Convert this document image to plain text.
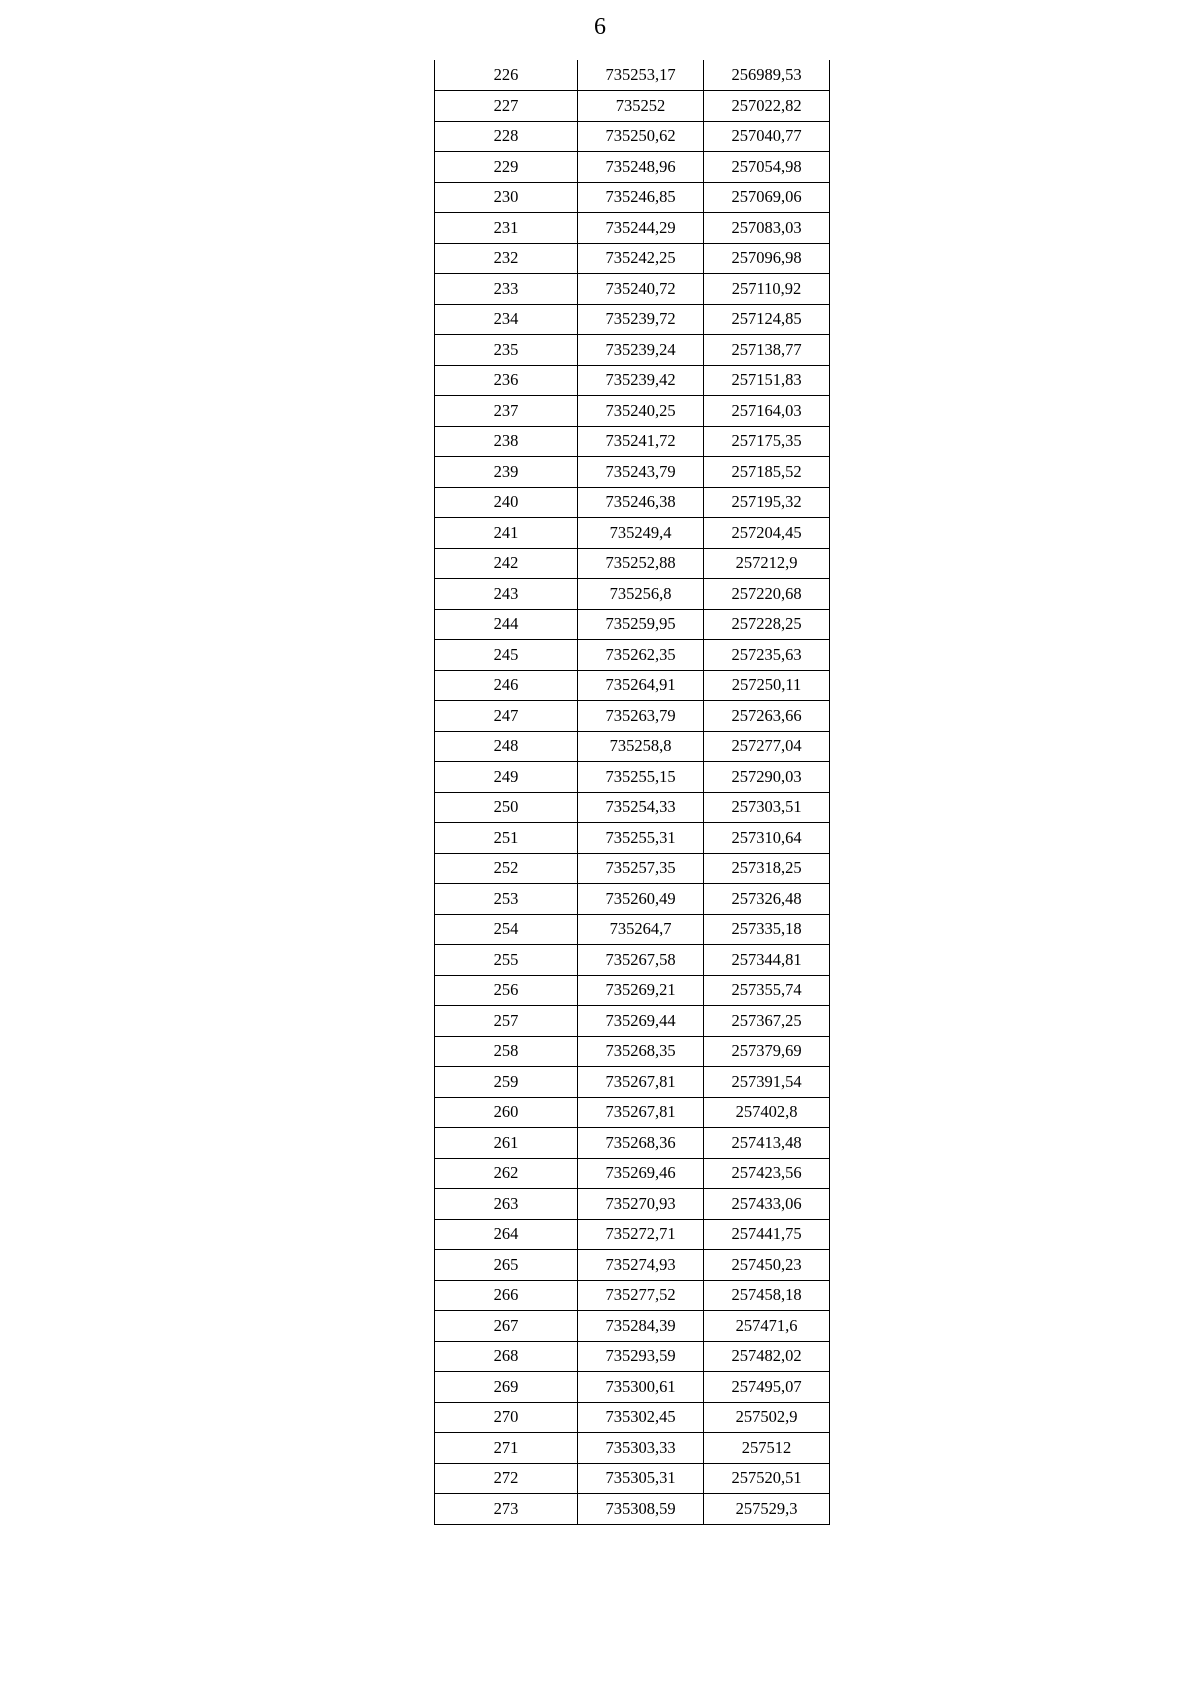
6
226	735253,17	256989,53
227	735252	257022,82
228	735250,62	257040,77
229	735248,96	257054,98
230	735246,85	257069,06
231	735244,29	257083,03
232	735242,25	257096,98
233	735240,72	257110,92
234	735239,72	257124,85
235	735239,24	257138,77
236	735239,42	257151,83
237	735240,25	257164,03
238	735241,72	257175,35
239	735243,79	257185,52
240	735246,38	257195,32
241	735249,4	257204,45
242	735252,88	257212,9
243	735256,8	257220,68
244	735259,95	257228,25
245	735262,35	257235,63
246	735264,91	257250,11
247	735263,79	257263,66
248	735258,8	257277,04
249	735255,15	257290,03
250	735254,33	257303,51
251	735255,31	257310,64
252	735257,35	257318,25
253	735260,49	257326,48
254	735264,7	257335,18
255	735267,58	257344,81
256	735269,21	257355,74
257	735269,44	257367,25
258	735268,35	257379,69
259	735267,81	257391,54
260	735267,81	257402,8
261	735268,36	257413,48
262	735269,46	257423,56
263	735270,93	257433,06
264	735272,71	257441,75
265	735274,93	257450,23
266	735277,52	257458,18
267	735284,39	257471,6
268	735293,59	257482,02
269	735300,61	257495,07
270	735302,45	257502,9
271	735303,33	257512
272	735305,31	257520,51
273	735308,59	257529,3
